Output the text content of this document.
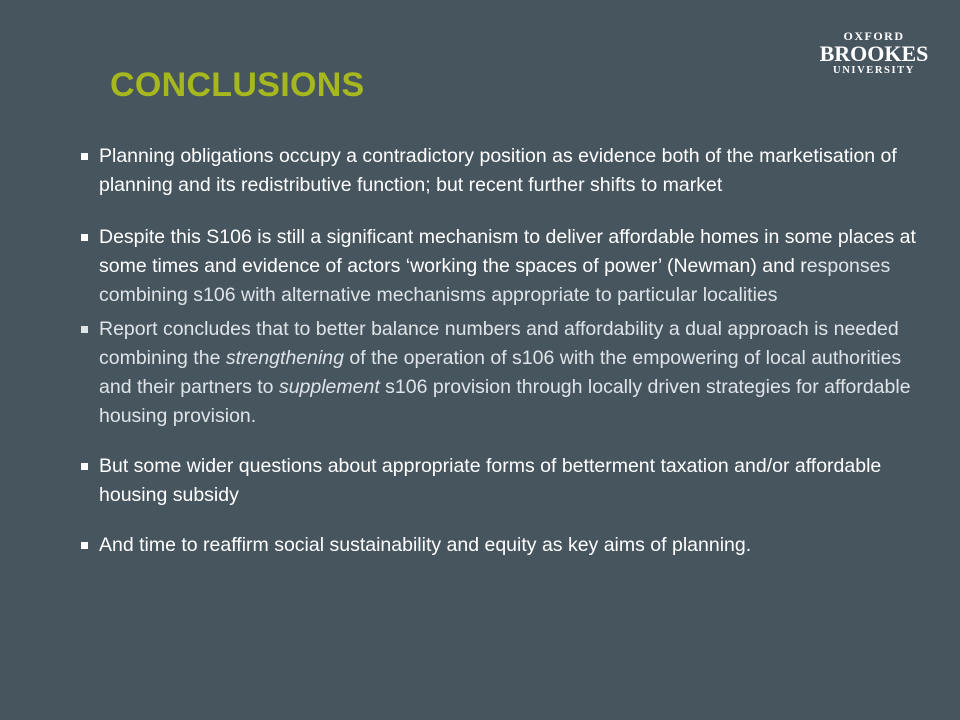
OXFORD
BROOKES
UNIVERSITY
CONCLUSIONS
Planning obligations occupy a contradictory position as evidence both of the marketisation of planning and its redistributive function; but recent further shifts to market
Despite this S106 is still a significant mechanism to deliver affordable homes in some places at some times and evidence of actors ‘working the spaces of power’ (Newman) and responses combining s106 with alternative mechanisms appropriate to particular localities
Report concludes that to better balance numbers and affordability a dual approach is needed combining the strengthening of the operation of s106 with the empowering of local authorities and their partners to supplement s106 provision through locally driven strategies for affordable housing provision.
But some wider questions about appropriate forms of betterment taxation and/or affordable housing subsidy
And time to reaffirm social sustainability and equity as key aims of planning.
